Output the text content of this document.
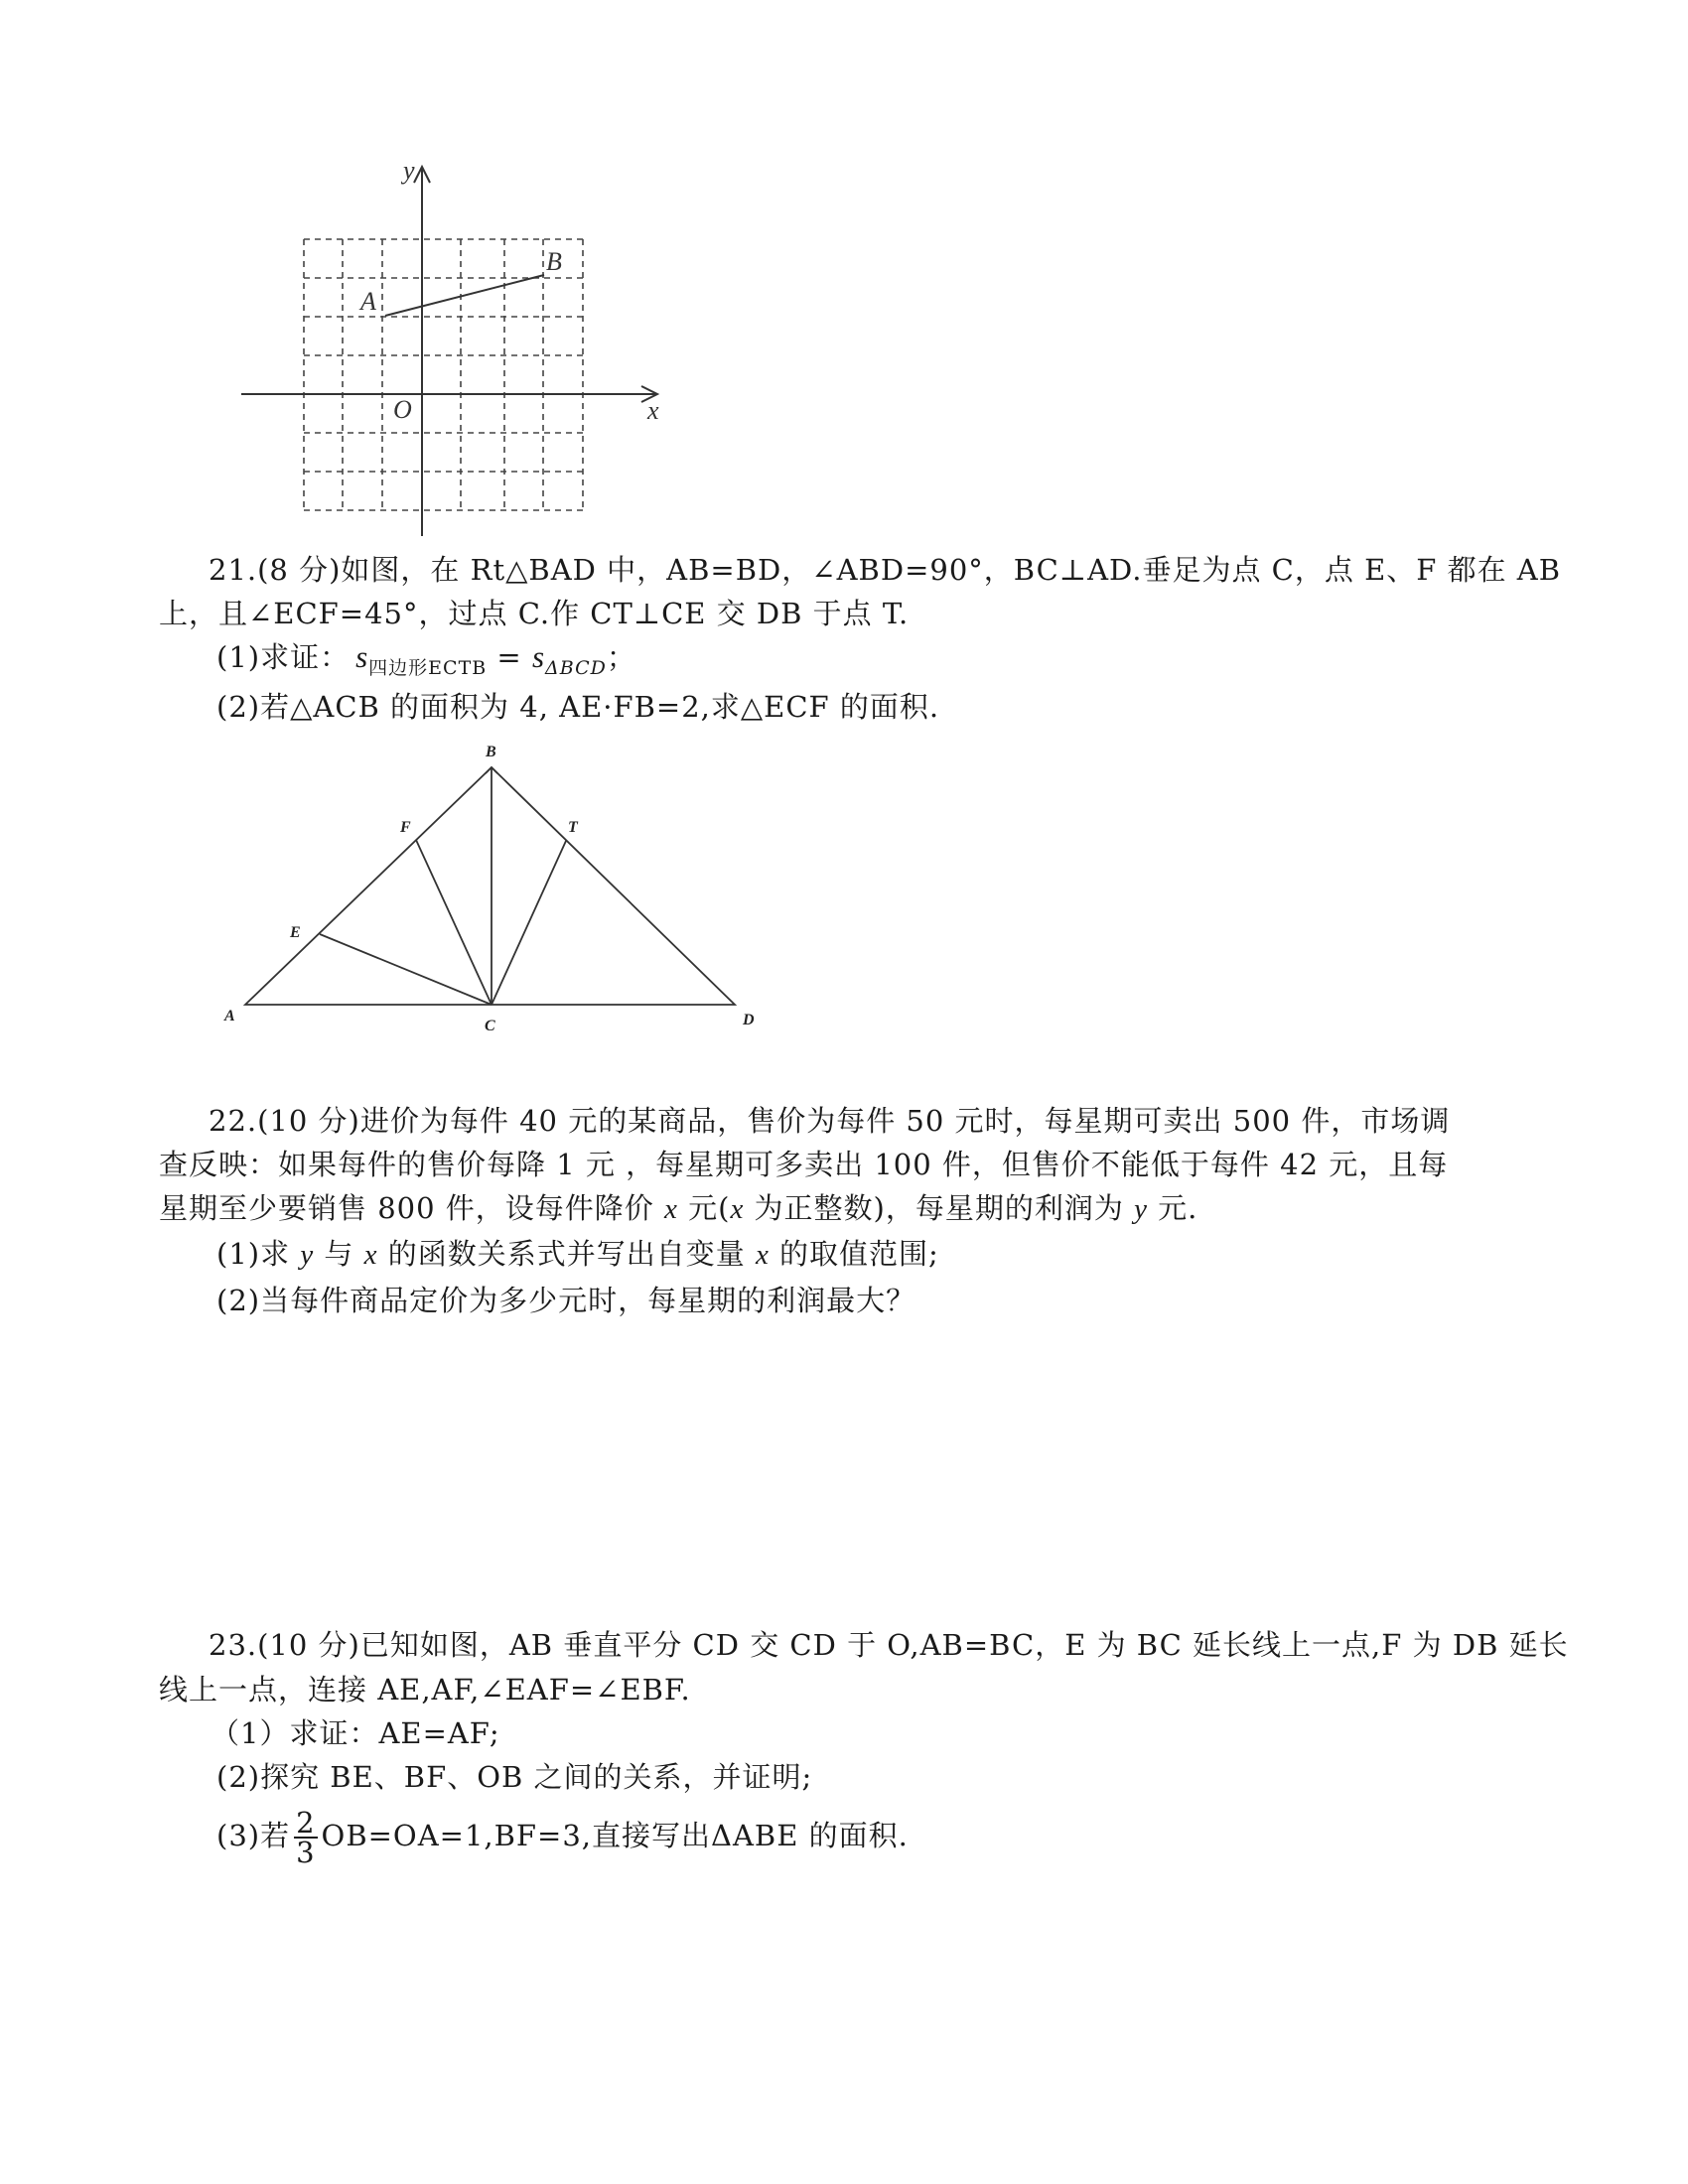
y
x
O
A
B
21.(8 分)如图，在 Rt△BAD 中，AB=BD，∠ABD=90°，BC⊥AD.垂足为点 C，点 E、F 都在 AB
上，且∠ECF=45°，过点 C.作 CT⊥CE 交 DB 于点 T.
(1)求证： $s_{四边形ECTB} = s_{\Delta BCD}$；
(2)若△ACB 的面积为 4, AE·FB=2,求△ECF 的面积.
B
F	T
E
A
C	D
22.(10 分)进价为每件 40 元的某商品，售价为每件 50 元时，每星期可卖出 500 件，市场调
查反映：如果每件的售价每降 1 元 ，每星期可多卖出 100 件，但售价不能低于每件 42 元，且每
星期至少要销售 800 件，设每件降价 x 元(x 为正整数)，每星期的利润为 y 元.
(1)求 y 与 x 的函数关系式并写出自变量 x 的取值范围;
(2)当每件商品定价为多少元时，每星期的利润最大？
23.(10 分)已知如图，AB 垂直平分 CD 交 CD 于 O,AB=BC，E 为 BC 延长线上一点,F 为 DB 延长
线上一点，连接 AE,AF,∠EAF=∠EBF.
（1）求证：AE=AF;
(2)探究 BE、BF、OB 之间的关系，并证明;
(3)若 $\frac{2}{3} OB=OA=1,BF=3$,直接写出ΔABE 的面积.
